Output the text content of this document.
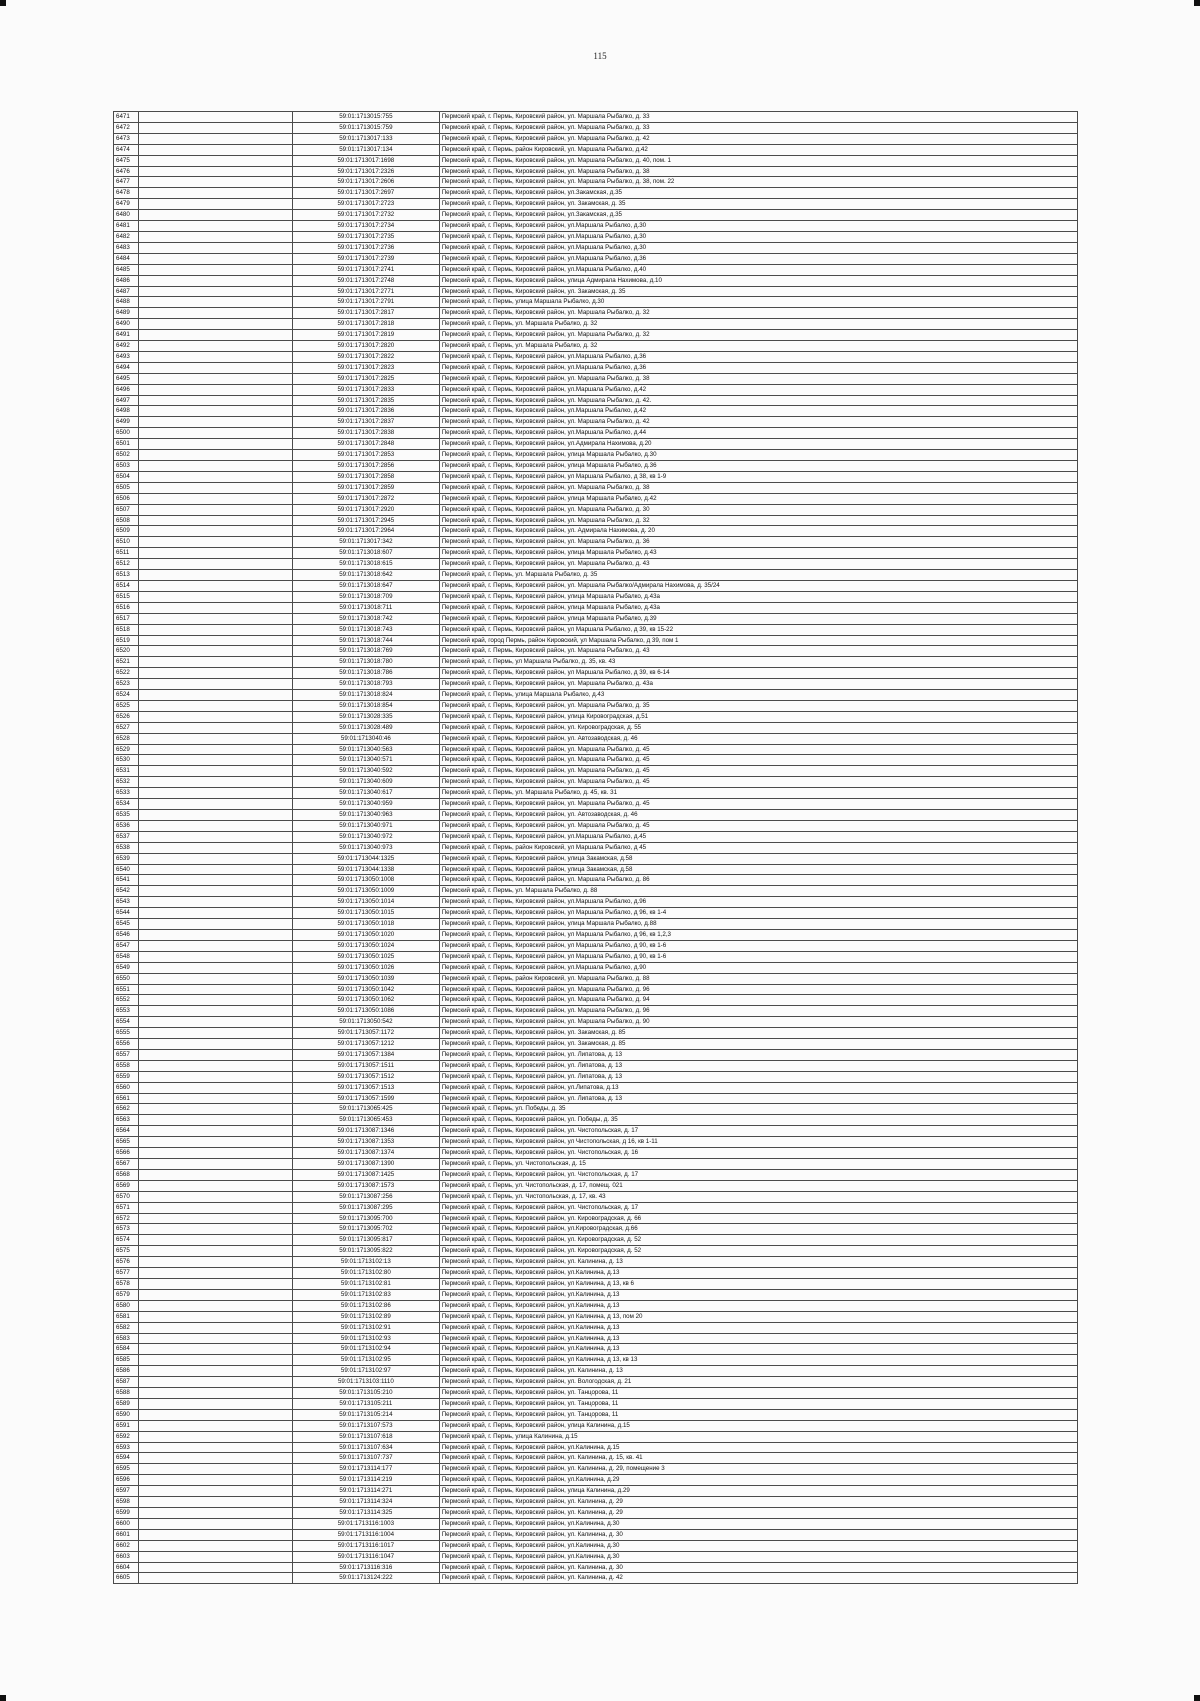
115
6471		59:01:1713015:755	Пермский край, г. Пермь, Кировский район, ул. Маршала Рыбалко, д. 33
6472		59:01:1713015:759	Пермский край, г. Пермь, Кировский район, ул. Маршала Рыбалко, д. 33
6473		59:01:1713017:133	Пермский край, г. Пермь, Кировский район, ул. Маршала Рыбалко, д. 42
6474		59:01:1713017:134	Пермский край, г. Пермь, район Кировский, ул. Маршала Рыбалко, д.42
6475		59:01:1713017:1698	Пермский край, г. Пермь, Кировский район, ул. Маршала Рыбалко, д. 40, пом. 1
6476		59:01:1713017:2326	Пермский край, г. Пермь, Кировский район, ул. Маршала Рыбалко, д. 38
6477		59:01:1713017:2606	Пермский край, г. Пермь, Кировский район, ул. Маршала Рыбалко, д. 38, пом. 22
6478		59:01:1713017:2697	Пермский край, г. Пермь, Кировский район, ул.Закамская, д.35
6479		59:01:1713017:2723	Пермский край, г. Пермь, Кировский район, ул. Закамская, д. 35
6480		59:01:1713017:2732	Пермский край, г. Пермь, Кировский район, ул.Закамская, д.35
6481		59:01:1713017:2734	Пермский край, г. Пермь, Кировский район, ул.Маршала Рыбалко, д.30
6482		59:01:1713017:2735	Пермский край, г. Пермь, Кировский район, ул.Маршала Рыбалко, д.30
6483		59:01:1713017:2736	Пермский край, г. Пермь, Кировский район, ул.Маршала Рыбалко, д.30
6484		59:01:1713017:2739	Пермский край, г. Пермь, Кировский район, ул.Маршала Рыбалко, д.36
6485		59:01:1713017:2741	Пермский край, г. Пермь, Кировский район, ул.Маршала Рыбалко, д.40
6486		59:01:1713017:2748	Пермский край, г. Пермь, Кировский район, улица Адмирала Нахимова, д.10
6487		59:01:1713017:2771	Пермский край, г. Пермь, Кировский район, ул. Закамская, д. 35
6488		59:01:1713017:2791	Пермский край, г. Пермь, улица Маршала Рыбалко, д.30
6489		59:01:1713017:2817	Пермский край, г. Пермь, Кировский район, ул. Маршала Рыбалко, д. 32
6490		59:01:1713017:2818	Пермский край, г. Пермь, ул. Маршала Рыбалко, д. 32
6491		59:01:1713017:2819	Пермский край, г. Пермь, Кировский район, ул. Маршала Рыбалко, д. 32
6492		59:01:1713017:2820	Пермский край, г. Пермь, ул. Маршала Рыбалко, д. 32
6493		59:01:1713017:2822	Пермский край, г. Пермь, Кировский район, ул.Маршала Рыбалко, д.36
6494		59:01:1713017:2823	Пермский край, г. Пермь, Кировский район, ул.Маршала Рыбалко, д.36
6495		59:01:1713017:2825	Пермский край, г. Пермь, Кировский район, ул. Маршала Рыбалко, д. 38
6496		59:01:1713017:2833	Пермский край, г. Пермь, Кировский район, ул.Маршала Рыбалко, д.42
6497		59:01:1713017:2835	Пермский край, г. Пермь, Кировский район, ул. Маршала Рыбалко, д. 42.
6498		59:01:1713017:2836	Пермский край, г. Пермь, Кировский район, ул.Маршала Рыбалко, д.42
6499		59:01:1713017:2837	Пермский край, г. Пермь, Кировский район, ул. Маршала Рыбалко, д. 42
6500		59:01:1713017:2838	Пермский край, г. Пермь, Кировский район, ул.Маршала Рыбалко, д.44
6501		59:01:1713017:2848	Пермский край, г. Пермь, Кировский район, ул.Адмирала Нахимова, д.20
6502		59:01:1713017:2853	Пермский край, г. Пермь, Кировский район, улица Маршала Рыбалко, д.30
6503		59:01:1713017:2856	Пермский край, г. Пермь, Кировский район, улица Маршала Рыбалко, д.36
6504		59:01:1713017:2858	Пермский край, г. Пермь, Кировский район, ул Маршала Рыбалко, д 38, кв 1-9
6505		59:01:1713017:2859	Пермский край, г. Пермь, Кировский район, ул. Маршала Рыбалко, д. 38
6506		59:01:1713017:2872	Пермский край, г. Пермь, Кировский район, улица Маршала Рыбалко, д.42
6507		59:01:1713017:2920	Пермский край, г. Пермь, Кировский район, ул. Маршала Рыбалко, д. 30
6508		59:01:1713017:2945	Пермский край, г. Пермь, Кировский район, ул. Маршала Рыбалко, д. 32
6509		59:01:1713017:2964	Пермский край, г. Пермь, Кировский район, ул. Адмирала Нахимова, д. 20
6510		59:01:1713017:342	Пермский край, г. Пермь, Кировский район, ул. Маршала Рыбалко, д. 36
6511		59:01:1713018:607	Пермский край, г. Пермь, Кировский район, улица Маршала Рыбалко, д.43
6512		59:01:1713018:615	Пермский край, г. Пермь, Кировский район, ул. Маршала Рыбалко, д. 43
6513		59:01:1713018:642	Пермский край, г. Пермь, ул. Маршала Рыбалко, д. 35
6514		59:01:1713018:647	Пермский край, г. Пермь, Кировский район, ул. Маршала Рыбалко/Адмирала Нахимова, д. 35/24
6515		59:01:1713018:709	Пермский край, г. Пермь, Кировский район, улица Маршала Рыбалко, д.43а
6516		59:01:1713018:711	Пермский край, г. Пермь, Кировский район, улица Маршала Рыбалко, д.43а
6517		59:01:1713018:742	Пермский край, г. Пермь, Кировский район, улица Маршала Рыбалко, д.39
6518		59:01:1713018:743	Пермский край, г. Пермь, Кировский район, ул Маршала Рыбалко, д 39, кв 15-22
6519		59:01:1713018:744	Пермский край, город Пермь, район Кировский, ул Маршала Рыбалко, д 39, пом 1
6520		59:01:1713018:769	Пермский край, г. Пермь, Кировский район, ул. Маршала Рыбалко, д. 43
6521		59:01:1713018:780	Пермский край, г. Пермь, ул Маршала Рыбалко, д. 35, кв. 43
6522		59:01:1713018:786	Пермский край, г. Пермь, Кировский район, ул Маршала Рыбалко, д 39, кв 6-14
6523		59:01:1713018:793	Пермский край, г. Пермь, Кировский район, ул. Маршала Рыбалко, д. 43а
6524		59:01:1713018:824	Пермский край, г. Пермь, улица Маршала Рыбалко, д.43
6525		59:01:1713018:854	Пермский край, г. Пермь, Кировский район, ул. Маршала Рыбалко, д. 35
6526		59:01:1713028:335	Пермский край, г. Пермь, Кировский район, улица Кировоградская, д.51
6527		59:01:1713028:489	Пермский край, г. Пермь, Кировский район, ул. Кировоградская, д. 55
6528		59:01:1713040:46	Пермский край, г. Пермь, Кировский район, ул. Автозаводская, д. 46
6529		59:01:1713040:563	Пермский край, г. Пермь, Кировский район, ул. Маршала Рыбалко, д. 45
6530		59:01:1713040:571	Пермский край, г. Пермь, Кировский район, ул. Маршала Рыбалко, д. 45
6531		59:01:1713040:592	Пермский край, г. Пермь, Кировский район, ул. Маршала Рыбалко, д. 45
6532		59:01:1713040:609	Пермский край, г. Пермь, Кировский район, ул. Маршала Рыбалко, д. 45
6533		59:01:1713040:617	Пермский край, г. Пермь, ул. Маршала Рыбалко, д. 45, кв. 31
6534		59:01:1713040:959	Пермский край, г. Пермь, Кировский район, ул. Маршала Рыбалко, д. 45
6535		59:01:1713040:963	Пермский край, г. Пермь, Кировский район, ул. Автозаводская, д. 46
6536		59:01:1713040:971	Пермский край, г. Пермь, Кировский район, ул. Маршала Рыбалко, д. 45
6537		59:01:1713040:972	Пермский край, г. Пермь, Кировский район, ул.Маршала Рыбалко, д.45
6538		59:01:1713040:973	Пермский край, г. Пермь, район Кировский, ул Маршала Рыбалко, д 45
6539		59:01:1713044:1325	Пермский край, г. Пермь, Кировский район, улица Закамская, д.58
6540		59:01:1713044:1338	Пермский край, г. Пермь, Кировский район, улица Закамская, д.58
6541		59:01:1713050:1008	Пермский край, г. Пермь, Кировский район, ул. Маршала Рыбалко, д. 86
6542		59:01:1713050:1009	Пермский край, г. Пермь, ул. Маршала Рыбалко, д. 88
6543		59:01:1713050:1014	Пермский край, г. Пермь, Кировский район, ул.Маршала Рыбалко, д.96
6544		59:01:1713050:1015	Пермский край, г. Пермь, Кировский район, ул Маршала Рыбалко, д 96, кв 1-4
6545		59:01:1713050:1018	Пермский край, г. Пермь, Кировский район, улица Маршала Рыбалко, д.88
6546		59:01:1713050:1020	Пермский край, г. Пермь, Кировский район, ул Маршала Рыбалко, д 96, кв 1,2,3
6547		59:01:1713050:1024	Пермский край, г. Пермь, Кировский район, ул Маршала Рыбалко, д 90, кв 1-6
6548		59:01:1713050:1025	Пермский край, г. Пермь, Кировский район, ул Маршала Рыбалко, д 90, кв 1-6
6549		59:01:1713050:1026	Пермский край, г. Пермь, Кировский район, ул.Маршала Рыбалко, д.90
6550		59:01:1713050:1039	Пермский край, г. Пермь, район Кировский, ул. Маршала Рыбалко, д. 88
6551		59:01:1713050:1042	Пермский край, г. Пермь, Кировский район, ул. Маршала Рыбалко, д. 96
6552		59:01:1713050:1062	Пермский край, г. Пермь, Кировский район, ул. Маршала Рыбалко, д. 94
6553		59:01:1713050:1086	Пермский край, г. Пермь, Кировский район, ул. Маршала Рыбалко, д. 96
6554		59:01:1713050:542	Пермский край, г. Пермь, Кировский район, ул. Маршала Рыбалко, д. 90
6555		59:01:1713057:1172	Пермский край, г. Пермь, Кировский район, ул. Закамская, д. 85
6556		59:01:1713057:1212	Пермский край, г. Пермь, Кировский район, ул. Закамская, д. 85
6557		59:01:1713057:1384	Пермский край, г. Пермь, Кировский район, ул. Липатова, д. 13
6558		59:01:1713057:1511	Пермский край, г. Пермь, Кировский район, ул. Липатова, д. 13
6559		59:01:1713057:1512	Пермский край, г. Пермь, Кировский район, ул. Липатова, д. 13
6560		59:01:1713057:1513	Пермский край, г. Пермь, Кировский район, ул.Липатова, д.13
6561		59:01:1713057:1599	Пермский край, г. Пермь, Кировский район, ул. Липатова, д. 13
6562		59:01:1713065:425	Пермский край, г. Пермь, ул. Победы, д. 35
6563		59:01:1713065:453	Пермский край, г. Пермь, Кировский район, ул. Победы, д. 35
6564		59:01:1713087:1346	Пермский край, г. Пермь, Кировский район, ул. Чистопольская, д. 17
6565		59:01:1713087:1353	Пермский край, г. Пермь, Кировский район, ул Чистопольская, д 16, кв 1-11
6566		59:01:1713087:1374	Пермский край, г. Пермь, Кировский район, ул. Чистопольская, д. 16
6567		59:01:1713087:1390	Пермский край, г. Пермь, ул. Чистопольская, д. 15
6568		59:01:1713087:1425	Пермский край, г. Пермь, Кировский район, ул. Чистопольская, д. 17
6569		59:01:1713087:1573	Пермский край, г. Пермь, ул. Чистопольская, д. 17, помещ. 021
6570		59:01:1713087:256	Пермский край, г. Пермь, ул. Чистопольская, д. 17, кв. 43
6571		59:01:1713087:295	Пермский край, г. Пермь, Кировский район, ул. Чистопольская, д. 17
6572		59:01:1713095:700	Пермский край, г. Пермь, Кировский район, ул. Кировоградская, д. 66
6573		59:01:1713095:702	Пермский край, г. Пермь, Кировский район, ул.Кировоградская, д.66
6574		59:01:1713095:817	Пермский край, г. Пермь, Кировский район, ул. Кировоградская, д. 52
6575		59:01:1713095:822	Пермский край, г. Пермь, Кировский район, ул. Кировоградская, д. 52
6576		59:01:1713102:13	Пермский край, г. Пермь, Кировский район, ул. Калинина, д. 13
6577		59:01:1713102:80	Пермский край, г. Пермь, Кировский район, ул.Калинина, д.13
6578		59:01:1713102:81	Пермский край, г. Пермь, Кировский район, ул Калинина, д 13, кв 6
6579		59:01:1713102:83	Пермский край, г. Пермь, Кировский район, ул.Калинина, д.13
6580		59:01:1713102:86	Пермский край, г. Пермь, Кировский район, ул.Калинина, д.13
6581		59:01:1713102:89	Пермский край, г. Пермь, Кировский район, ул Калинина, д 13, пом 20
6582		59:01:1713102:91	Пермский край, г. Пермь, Кировский район, ул.Калинина, д.13
6583		59:01:1713102:93	Пермский край, г. Пермь, Кировский район, ул.Калинина, д.13
6584		59:01:1713102:94	Пермский край, г. Пермь, Кировский район, ул.Калинина, д.13
6585		59:01:1713102:95	Пермский край, г. Пермь, Кировский район, ул Калинина, д 13, кв 13
6586		59:01:1713102:97	Пермский край, г. Пермь, Кировский район, ул. Калинина, д. 13
6587		59:01:1713103:1110	Пермский край, г. Пермь, Кировский район, ул. Вологодская, д. 21
6588		59:01:1713105:210	Пермский край, г. Пермь, Кировский район, ул. Танцорова, 11
6589		59:01:1713105:211	Пермский край, г. Пермь, Кировский район, ул. Танцорова, 11
6590		59:01:1713105:214	Пермский край, г. Пермь, Кировский район, ул. Танцорова, 11
6591		59:01:1713107:573	Пермский край, г. Пермь, Кировский район, улица Калинина, д.15
6592		59:01:1713107:618	Пермский край, г. Пермь, улица Калинина, д.15
6593		59:01:1713107:634	Пермский край, г. Пермь, Кировский район, ул.Калинина, д.15
6594		59:01:1713107:737	Пермский край, г. Пермь, Кировский район, ул. Калинина, д. 15, кв. 41
6595		59:01:1713114:177	Пермский край, г. Пермь, Кировский район, ул. Калинина, д. 29, помещение 3
6596		59:01:1713114:219	Пермский край, г. Пермь, Кировский район, ул.Калинина, д.29
6597		59:01:1713114:271	Пермский край, г. Пермь, Кировский район, улица Калинина, д.29
6598		59:01:1713114:324	Пермский край, г. Пермь, Кировский район, ул. Калинина, д. 29
6599		59:01:1713114:325	Пермский край, г. Пермь, Кировский район, ул. Калинина, д. 29
6600		59:01:1713116:1003	Пермский край, г. Пермь, Кировский район, ул.Калинина, д.30
6601		59:01:1713116:1004	Пермский край, г. Пермь, Кировский район, ул. Калинина, д. 30
6602		59:01:1713116:1017	Пермский край, г. Пермь, Кировский район, ул.Калинина, д.30
6603		59:01:1713116:1047	Пермский край, г. Пермь, Кировский район, ул.Калинина, д.30
6604		59:01:1713116:316	Пермский край, г. Пермь, Кировский район, ул. Калинина, д. 30
6605		59:01:1713124:222	Пермский край, г. Пермь, Кировский район, ул. Калинина, д. 42
